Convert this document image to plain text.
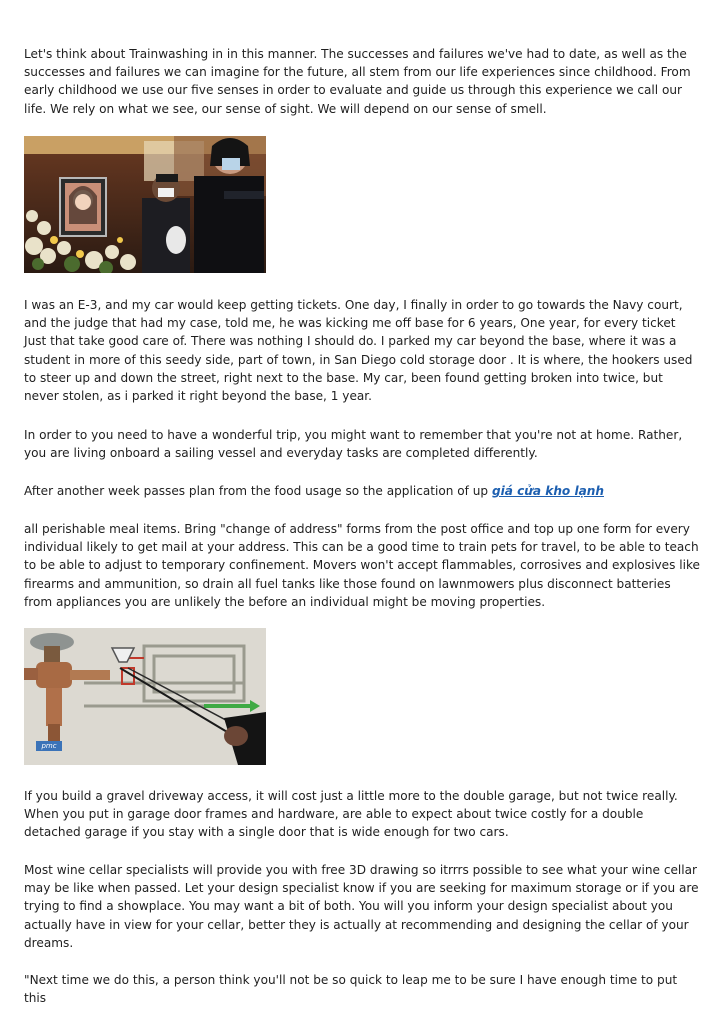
Let's think about Trainwashing in in this manner. The successes and failures we've had to date, as well as the successes and failures we can imagine for the future, all stem from our life experiences since childhood. From early childhood we use our five senses in order to evaluate and guide us through this experience we call our life. We rely on what we see, our sense of sight. We will depend on our sense of smell.

I was an E-3, and my car would keep getting tickets. One day, I finally in order to go towards the Navy court, and the judge that had my case, told me, he was kicking me off base for 6 years, One year, for every ticket Just that take good care of. There was nothing I should do. I parked my car beyond the base, where it was a student in more of this seedy side, part of town, in San Diego cold storage door . It is where, the hookers used to steer up and down the street, right next to the base. My car, been found getting broken into twice, but never stolen, as i parked it right beyond the base, 1 year.

In order to you need to have a wonderful trip, you might want to remember that you're not at home. Rather, you are living onboard a sailing vessel and everyday tasks are completed differently.

After another week passes plan from the food usage so the application of up giá cửa kho lạnh

all perishable meal items. Bring "change of address" forms from the post office and top up one form for every individual likely to get mail at your address. This can be a good time to train pets for travel, to be able to teach to be able to adjust to temporary confinement. Movers won't accept flammables, corrosives and explosives like firearms and ammunition, so drain all fuel tanks like those found on lawnmowers plus disconnect batteries from appliances you are unlikely the before an individual might be moving properties.

pmc

If you build a gravel driveway access, it will cost just a little more to the double garage, but not twice really. When you put in garage door frames and hardware, are able to expect about twice costly for a double detached garage if you stay with a single door that is wide enough for two cars.

Most wine cellar specialists will provide you with free 3D drawing so itrrrs possible to see what your wine cellar may be like when passed. Let your design specialist know if you are seeking for maximum storage or if you are trying to find a showplace. You may want a bit of both. You will you inform your design specialist about you actually have in view for your cellar, better they is actually at recommending and designing the cellar of your dreams.

"Next time we do this, a person think you'll not be so quick to leap me to be sure I have enough time to put this
